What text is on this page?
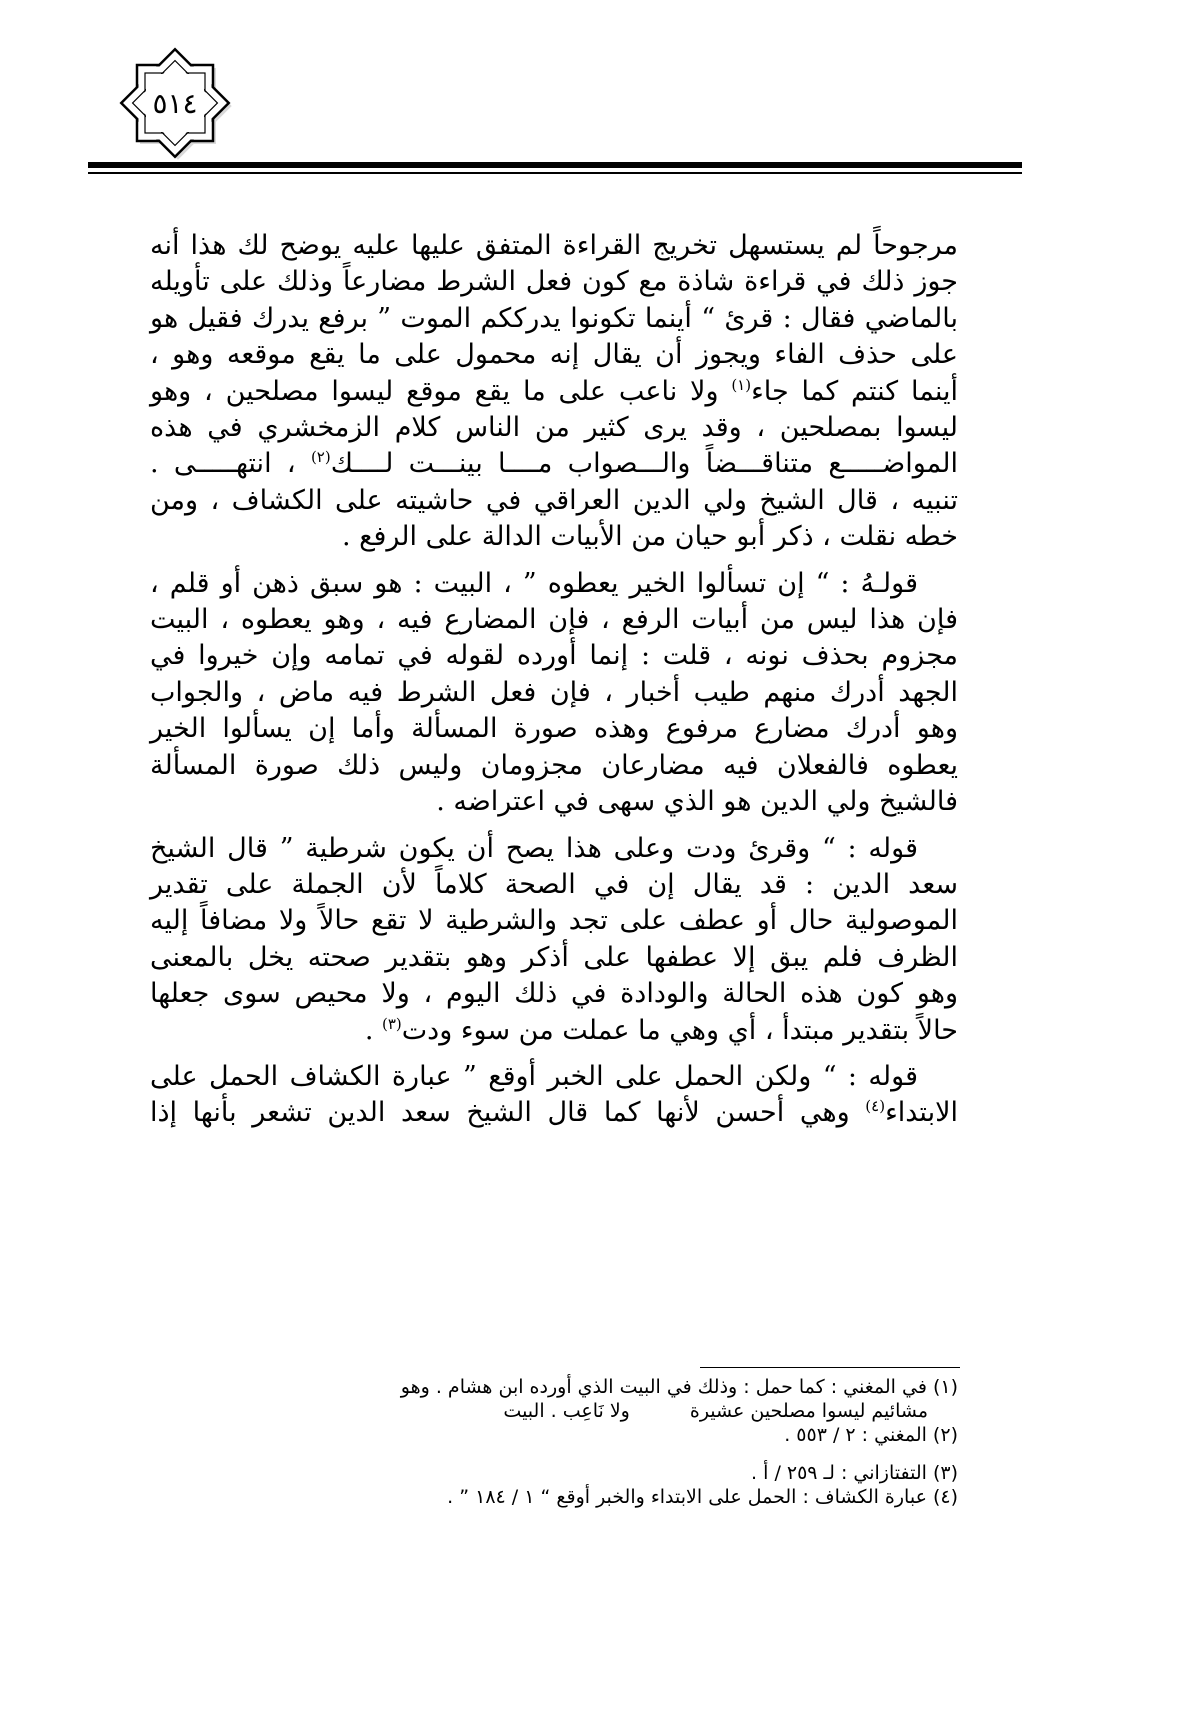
٥١٤
مرجوحاً لم يستسهل تخريج القراءة المتفق عليها عليه يوضح لك هذا أنه
جوز ذلك في قراءة شاذة مع كون فعل الشرط مضارعاً وذلك على تأويله
بالماضي فقال : قرئ “ أينما تكونوا يدرككم الموت ” برفع يدرك فقيل هو
على حذف الفاء ويجوز أن يقال إنه محمول على ما يقع موقعه وهو ،
أينما كنتم كما جاء$^{(١)}$ ولا ناعب على ما يقع موقع ليسوا مصلحين ، وهو
ليسوا بمصلحين ، وقد يرى كثير من الناس كلام الزمخشري في هذه
المواضـــــع متناقـــضاً والـــصواب مــــا بينـــت لــــك$^{(٢)}$ ، انتهـــــى .
تنبيه ، قال الشيخ ولي الدين العراقي في حاشيته على الكشاف ، ومن
خطه نقلت ، ذكر أبو حيان من الأبيات الدالة على الرفع .
قولـهُ : “ إن تسألوا الخير يعطوه ” ، البيت : هو سبق ذهن أو قلم ،
فإن هذا ليس من أبيات الرفع ، فإن المضارع فيه ، وهو يعطوه ، البيت
مجزوم بحذف نونه ، قلت : إنما أورده لقوله في تمامه وإن خيروا في
الجهد أدرك منهم طيب أخبار ، فإن فعل الشرط فيه ماض ، والجواب
وهو أدرك مضارع مرفوع وهذه صورة المسألة وأما إن يسألوا الخير
يعطوه فالفعلان فيه مضارعان مجزومان وليس ذلك صورة المسألة
فالشيخ ولي الدين هو الذي سهى في اعتراضه .
قوله : “ وقرئ ودت وعلى هذا يصح أن يكون شرطية ” قال الشيخ
سعد الدين : قد يقال إن في الصحة كلاماً لأن الجملة على تقدير
الموصولية حال أو عطف على تجد والشرطية لا تقع حالاً ولا مضافاً إليه
الظرف فلم يبق إلا عطفها على أذكر وهو بتقدير صحته يخل بالمعنى
وهو كون هذه الحالة والودادة في ذلك اليوم ، ولا محيص سوى جعلها
حالاً بتقدير مبتدأ ، أي وهي ما عملت من سوء ودت$^{(٣)}$ .
قوله : “ ولكن الحمل على الخبر أوقع ” عبارة الكشاف الحمل على
الابتداء$^{(٤)}$ وهي أحسن لأنها كما قال الشيخ سعد الدين تشعر بأنها إذا
(١) في المغني : كما حمل : وذلك في البيت الذي أورده ابن هشام . وهو
مشائيم ليسوا مصلحين عشيرة
ولا نَاعِب . البيت
(٢) المغني : ٢ / ٥٥٣ .
(٣) التفتازاني : لـ ٢٥٩ / أ .
(٤) عبارة الكشاف : الحمل على الابتداء والخبر أوقع “ ١ / ١٨٤ ” .
